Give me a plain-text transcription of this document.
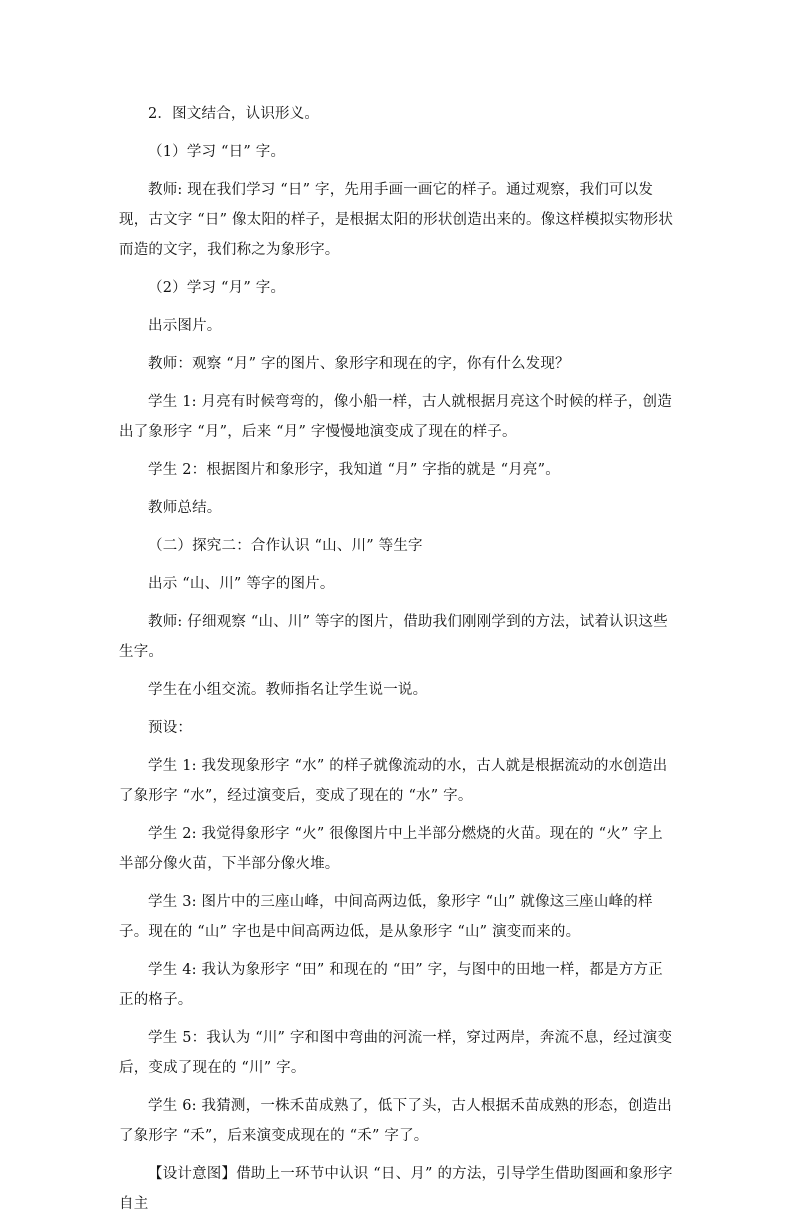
2．图文结合，认识形义。

（1）学习 “日” 字。

教师: 现在我们学习 “日” 字，先用手画一画它的样子。通过观察，我们可以发现，古文字 “日” 像太阳的样子，是根据太阳的形状创造出来的。像这样模拟实物形状而造的文字，我们称之为象形字。

（2）学习 “月” 字。

出示图片。

教师：观察 “月” 字的图片、象形字和现在的字，你有什么发现？

学生 1: 月亮有时候弯弯的，像小船一样，古人就根据月亮这个时候的样子，创造出了象形字 “月”，后来 “月” 字慢慢地演变成了现在的样子。

学生 2：根据图片和象形字，我知道 “月” 字指的就是 “月亮”。

教师总结。

（二）探究二：合作认识 “山、川” 等生字

出示 “山、川” 等字的图片。

教师: 仔细观察 “山、川” 等字的图片，借助我们刚刚学到的方法，试着认识这些生字。

学生在小组交流。教师指名让学生说一说。

预设：

学生 1: 我发现象形字 “水” 的样子就像流动的水，古人就是根据流动的水创造出了象形字 “水”，经过演变后，变成了现在的 “水” 字。

学生 2: 我觉得象形字 “火” 很像图片中上半部分燃烧的火苗。现在的 “火” 字上半部分像火苗，下半部分像火堆。

学生 3: 图片中的三座山峰，中间高两边低，象形字 “山” 就像这三座山峰的样子。现在的 “山” 字也是中间高两边低，是从象形字 “山” 演变而来的。

学生 4: 我认为象形字 “田” 和现在的 “田” 字，与图中的田地一样，都是方方正正的格子。

学生 5：我认为 “川” 字和图中弯曲的河流一样，穿过两岸，奔流不息，经过演变后，变成了现在的 “川” 字。

学生 6: 我猜测，一株禾苗成熟了，低下了头，古人根据禾苗成熟的形态，创造出了象形字 “禾”，后来演变成现在的 “禾” 字了。

【设计意图】借助上一环节中认识 “日、月” 的方法，引导学生借助图画和象形字自主
